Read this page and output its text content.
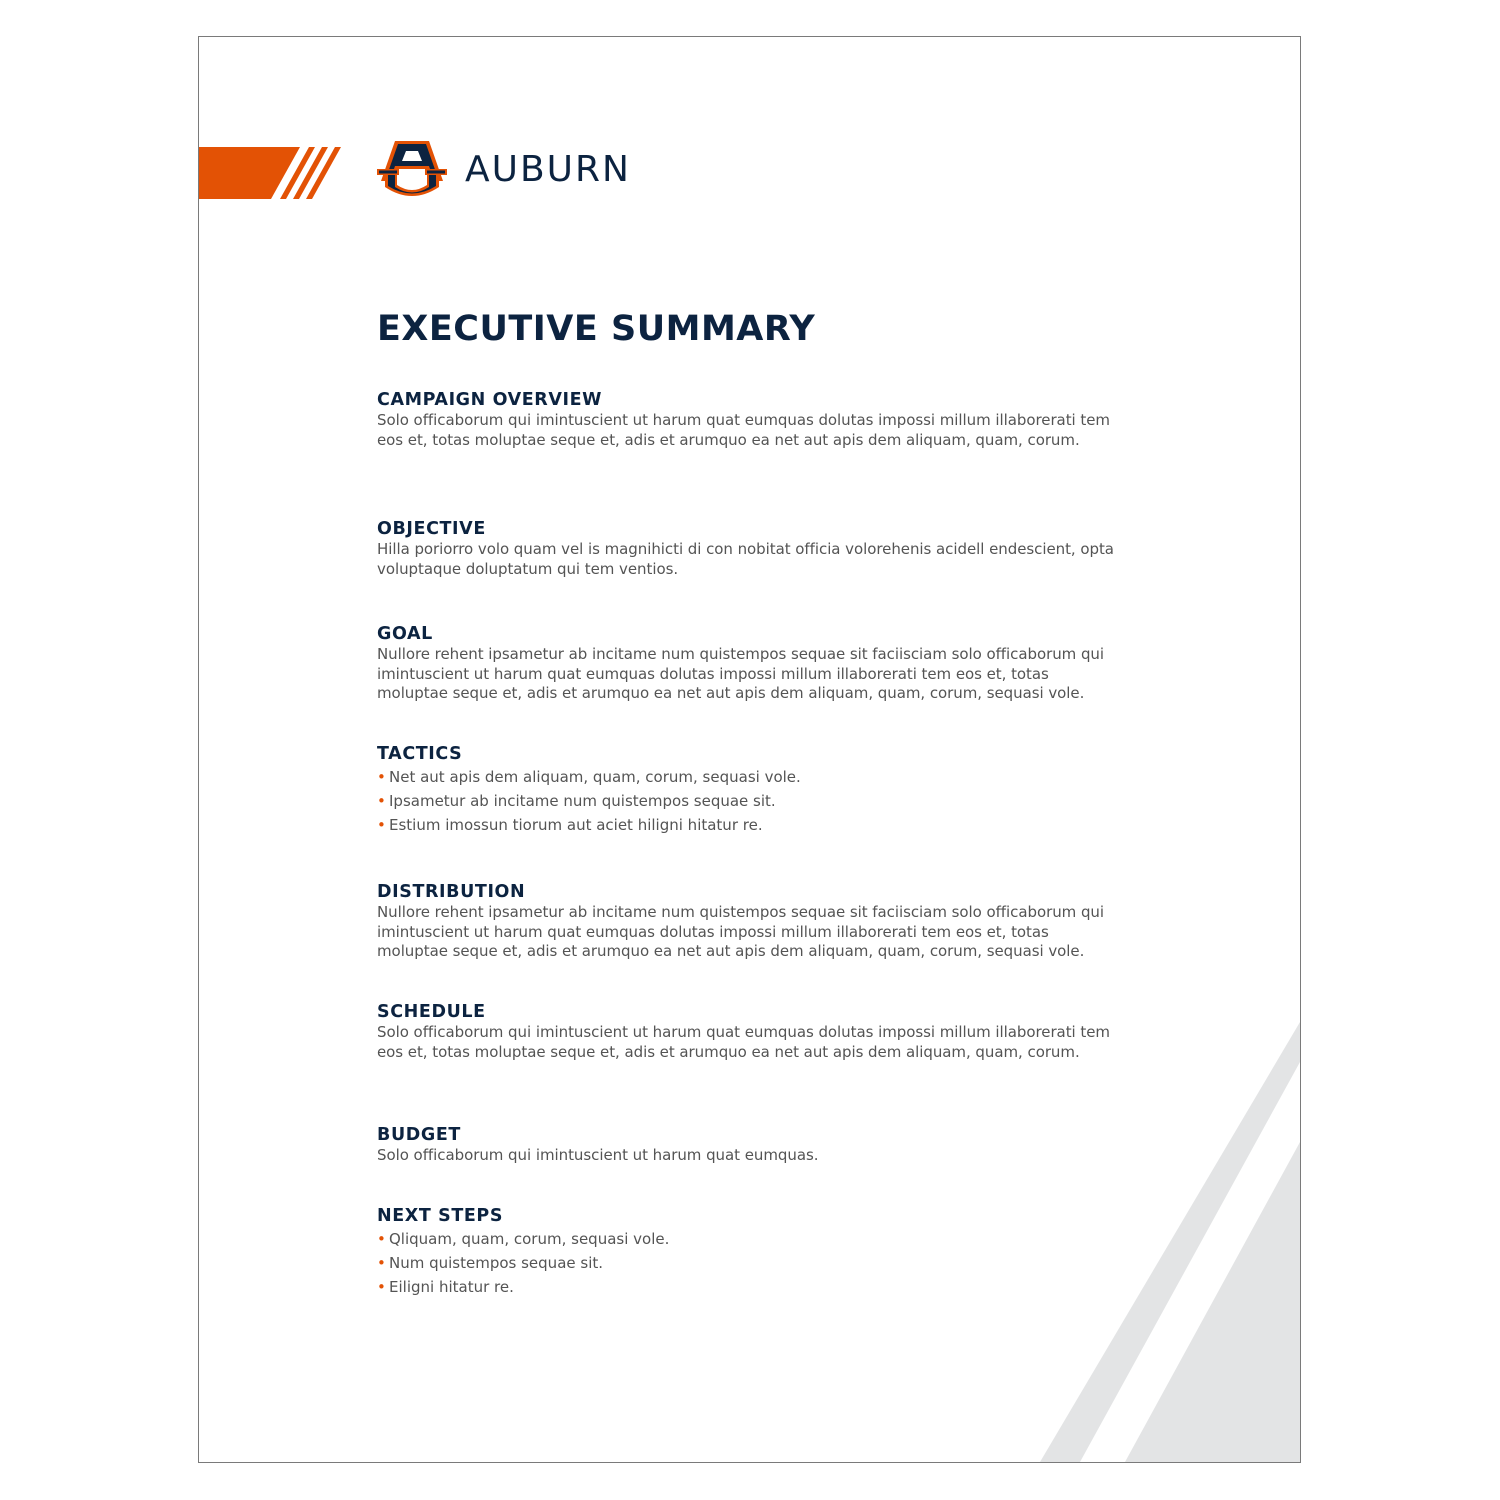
AUBURN
EXECUTIVE SUMMARY
CAMPAIGN OVERVIEW

Solo officaborum qui imintuscient ut harum quat eumquas dolutas impossi millum illaborerati tem eos et, totas moluptae seque et, adis et arumquo ea net aut apis dem aliquam, quam, corum.

OBJECTIVE

Hilla poriorro volo quam vel is magnihicti di con nobitat officia volorehenis acidell endescient, opta voluptaque doluptatum qui tem ventios.

GOAL

Nullore rehent ipsametur ab incitame num quistempos sequae sit faciisciam solo officaborum qui imintuscient ut harum quat eumquas dolutas impossi millum illaborerati tem eos et, totas moluptae seque et, adis et arumquo ea net aut apis dem aliquam, quam, corum, sequasi vole.

TACTICS
• Net aut apis dem aliquam, quam, corum, sequasi vole.
• Ipsametur ab incitame num quistempos sequae sit.
• Estium imossun tiorum aut aciet hiligni hitatur re.
DISTRIBUTION

Nullore rehent ipsametur ab incitame num quistempos sequae sit faciisciam solo officaborum qui imintuscient ut harum quat eumquas dolutas impossi millum illaborerati tem eos et, totas moluptae seque et, adis et arumquo ea net aut apis dem aliquam, quam, corum, sequasi vole.

SCHEDULE

Solo officaborum qui imintuscient ut harum quat eumquas dolutas impossi millum illaborerati tem eos et, totas moluptae seque et, adis et arumquo ea net aut apis dem aliquam, quam, corum.

BUDGET

Solo officaborum qui imintuscient ut harum quat eumquas.

NEXT STEPS
• Qliquam, quam, corum, sequasi vole.
• Num quistempos sequae sit.
• Eiligni hitatur re.
